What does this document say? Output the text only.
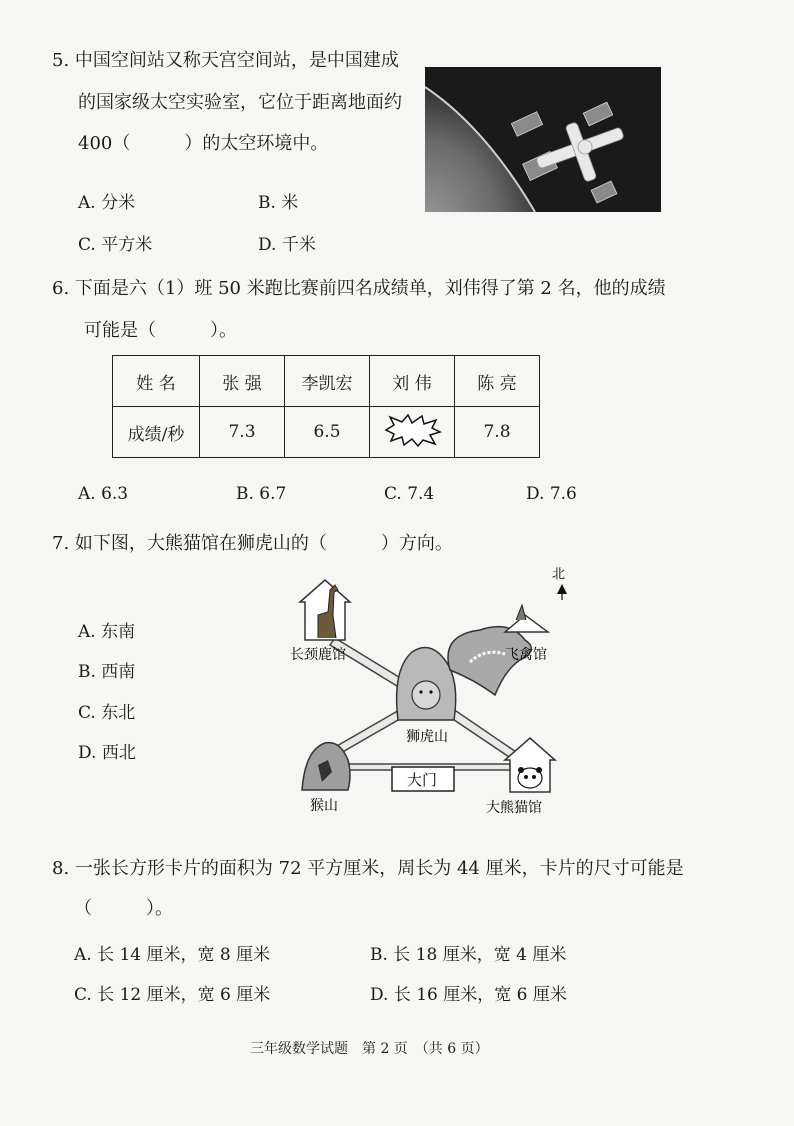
5. 中国空间站又称天宫空间站，是中国建成
的国家级太空实验室，它位于距离地面约
400（　　　）的太空环境中。
A. 分米	B. 米
C. 平方米	D. 千米
6. 下面是六（1）班 50 米跑比赛前四名成绩单，刘伟得了第 2 名，他的成绩
可能是（　　　）。
姓 名	张 强	李凯宏	刘 伟	陈 亮
成绩/秒	7.3	6.5		7.8
A. 6.3	B. 6.7	C. 7.4	D. 7.6
7. 如下图，大熊猫馆在狮虎山的（　　　）方向。
A. 东南
B. 西南
C. 东北
D. 西北
北
长颈鹿馆
狮虎山
飞禽馆
猴山	大熊猫馆
大门
8. 一张长方形卡片的面积为 72 平方厘米，周长为 44 厘米，卡片的尺寸可能是
（　　　）。
A. 长 14 厘米，宽 8 厘米	B. 长 18 厘米，宽 4 厘米
C. 长 12 厘米，宽 6 厘米	D. 长 16 厘米，宽 6 厘米
三年级数学试题　第 2 页　（共 6 页）
